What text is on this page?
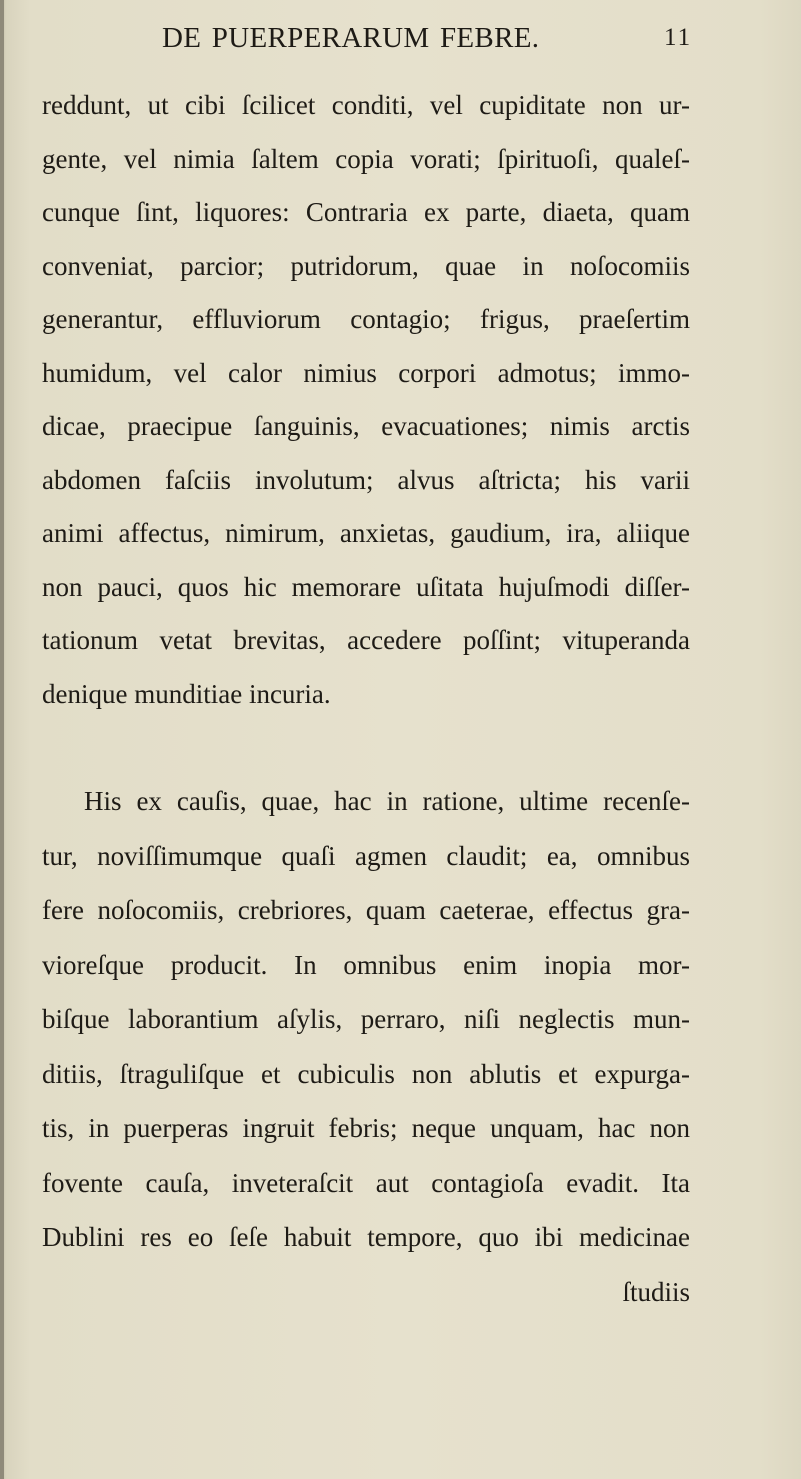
DE PUERPERARUM FEBRE.	11
reddunt, ut cibi ſcilicet conditi, vel cupiditate non ur-
gente, vel nimia ſaltem copia vorati; ſpirituoſi, qualeſ-
cunque ſint, liquores: Contraria ex parte, diaeta, quam
conveniat, parcior; putridorum, quae in noſocomiis
generantur, effluviorum contagio; frigus, praeſertim
humidum, vel calor nimius corpori admotus; immo-
dicae, praecipue ſanguinis, evacuationes; nimis arctis
abdomen faſciis involutum; alvus aſtricta; his varii
animi affectus, nimirum, anxietas, gaudium, ira, aliique
non pauci, quos hic memorare uſitata hujuſmodi diſſer-
tationum vetat brevitas, accedere poſſint; vituperanda
denique munditiae incuria.
His ex cauſis, quae, hac in ratione, ultime recenſe-
tur, noviſſimumque quaſi agmen claudit; ea, omnibus
fere noſocomiis, crebriores, quam caeterae, effectus gra-
vioreſque producit. In omnibus enim inopia mor-
biſque laborantium aſylis, perraro, niſi neglectis mun-
ditiis, ſtraguliſque et cubiculis non ablutis et expurga-
tis, in puerperas ingruit febris; neque unquam, hac non
fovente cauſa, inveteraſcit aut contagioſa evadit. Ita
Dublini res eo ſeſe habuit tempore, quo ibi medicinae
ſtudiis
